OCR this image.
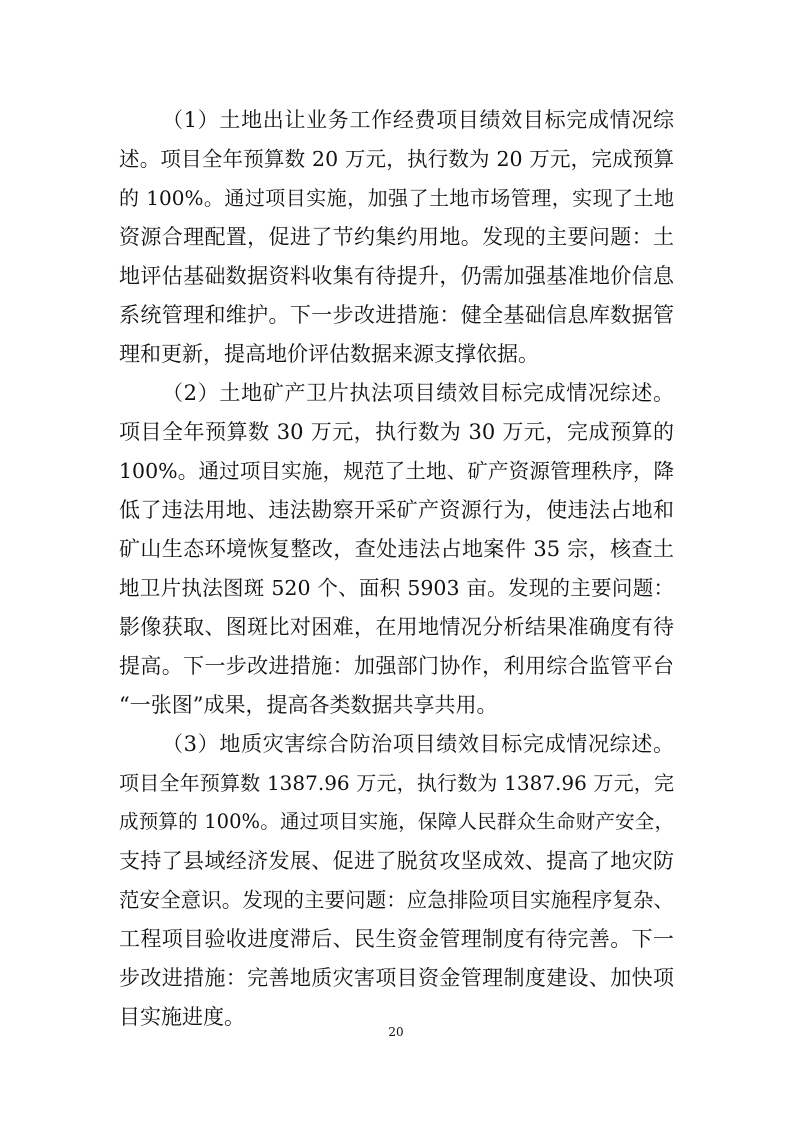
（1）土地出让业务工作经费项目绩效目标完成情况综
述。项目全年预算数 20 万元，执行数为 20 万元，完成预算
的 100%。通过项目实施，加强了土地市场管理，实现了土地
资源合理配置，促进了节约集约用地。发现的主要问题：土
地评估基础数据资料收集有待提升，仍需加强基准地价信息
系统管理和维护。下一步改进措施：健全基础信息库数据管
理和更新，提高地价评估数据来源支撑依据。
（2）土地矿产卫片执法项目绩效目标完成情况综述。
项目全年预算数 30 万元，执行数为 30 万元，完成预算的
100%。通过项目实施，规范了土地、矿产资源管理秩序，降
低了违法用地、违法勘察开采矿产资源行为，使违法占地和
矿山生态环境恢复整改，查处违法占地案件 35 宗，核查土
地卫片执法图斑 520 个、面积 5903 亩。发现的主要问题：
影像获取、图斑比对困难，在用地情况分析结果准确度有待
提高。下一步改进措施：加强部门协作，利用综合监管平台
“一张图”成果，提高各类数据共享共用。
（3）地质灾害综合防治项目绩效目标完成情况综述。
项目全年预算数 1387.96 万元，执行数为 1387.96 万元，完
成预算的 100%。通过项目实施，保障人民群众生命财产安全，
支持了县域经济发展、促进了脱贫攻坚成效、提高了地灾防
范安全意识。发现的主要问题：应急排险项目实施程序复杂、
工程项目验收进度滞后、民生资金管理制度有待完善。下一
步改进措施：完善地质灾害项目资金管理制度建设、加快项
目实施进度。
20
